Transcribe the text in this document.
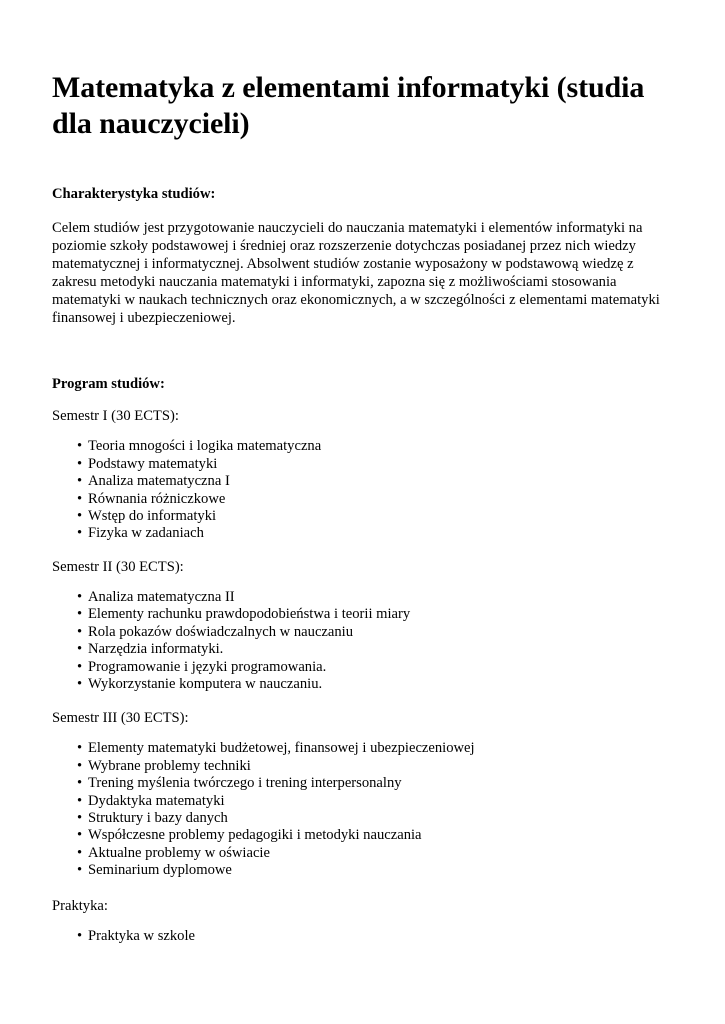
Matematyka z elementami informatyki (studia dla nauczycieli)

Charakterystyka studiów:

Celem studiów jest przygotowanie nauczycieli do nauczania matematyki i elementów informatyki na poziomie szkoły podstawowej i średniej oraz rozszerzenie dotychczas posiadanej przez nich wiedzy matematycznej i informatycznej. Absolwent studiów zostanie wyposażony w podstawową wiedzę z zakresu metodyki nauczania matematyki i informatyki, zapozna się z możliwościami stosowania matematyki w naukach technicznych oraz ekonomicznych, a w szczególności z elementami matematyki finansowej i ubezpieczeniowej.

Program studiów:

Semestr I (30 ECTS):

• Teoria mnogości i logika matematyczna
• Podstawy matematyki
• Analiza matematyczna I
• Równania różniczkowe
• Wstęp do informatyki
• Fizyka w zadaniach

Semestr II (30 ECTS):

• Analiza matematyczna II
• Elementy rachunku prawdopodobieństwa i teorii miary
• Rola pokazów doświadczalnych w nauczaniu
• Narzędzia informatyki.
• Programowanie i języki programowania.
• Wykorzystanie komputera w nauczaniu.

Semestr III (30 ECTS):

• Elementy matematyki budżetowej, finansowej i ubezpieczeniowej
• Wybrane problemy techniki
• Trening myślenia twórczego i trening interpersonalny
• Dydaktyka matematyki
• Struktury i bazy danych
• Współczesne problemy pedagogiki i metodyki nauczania
• Aktualne problemy w oświacie
• Seminarium dyplomowe

Praktyka:

• Praktyka w szkole
